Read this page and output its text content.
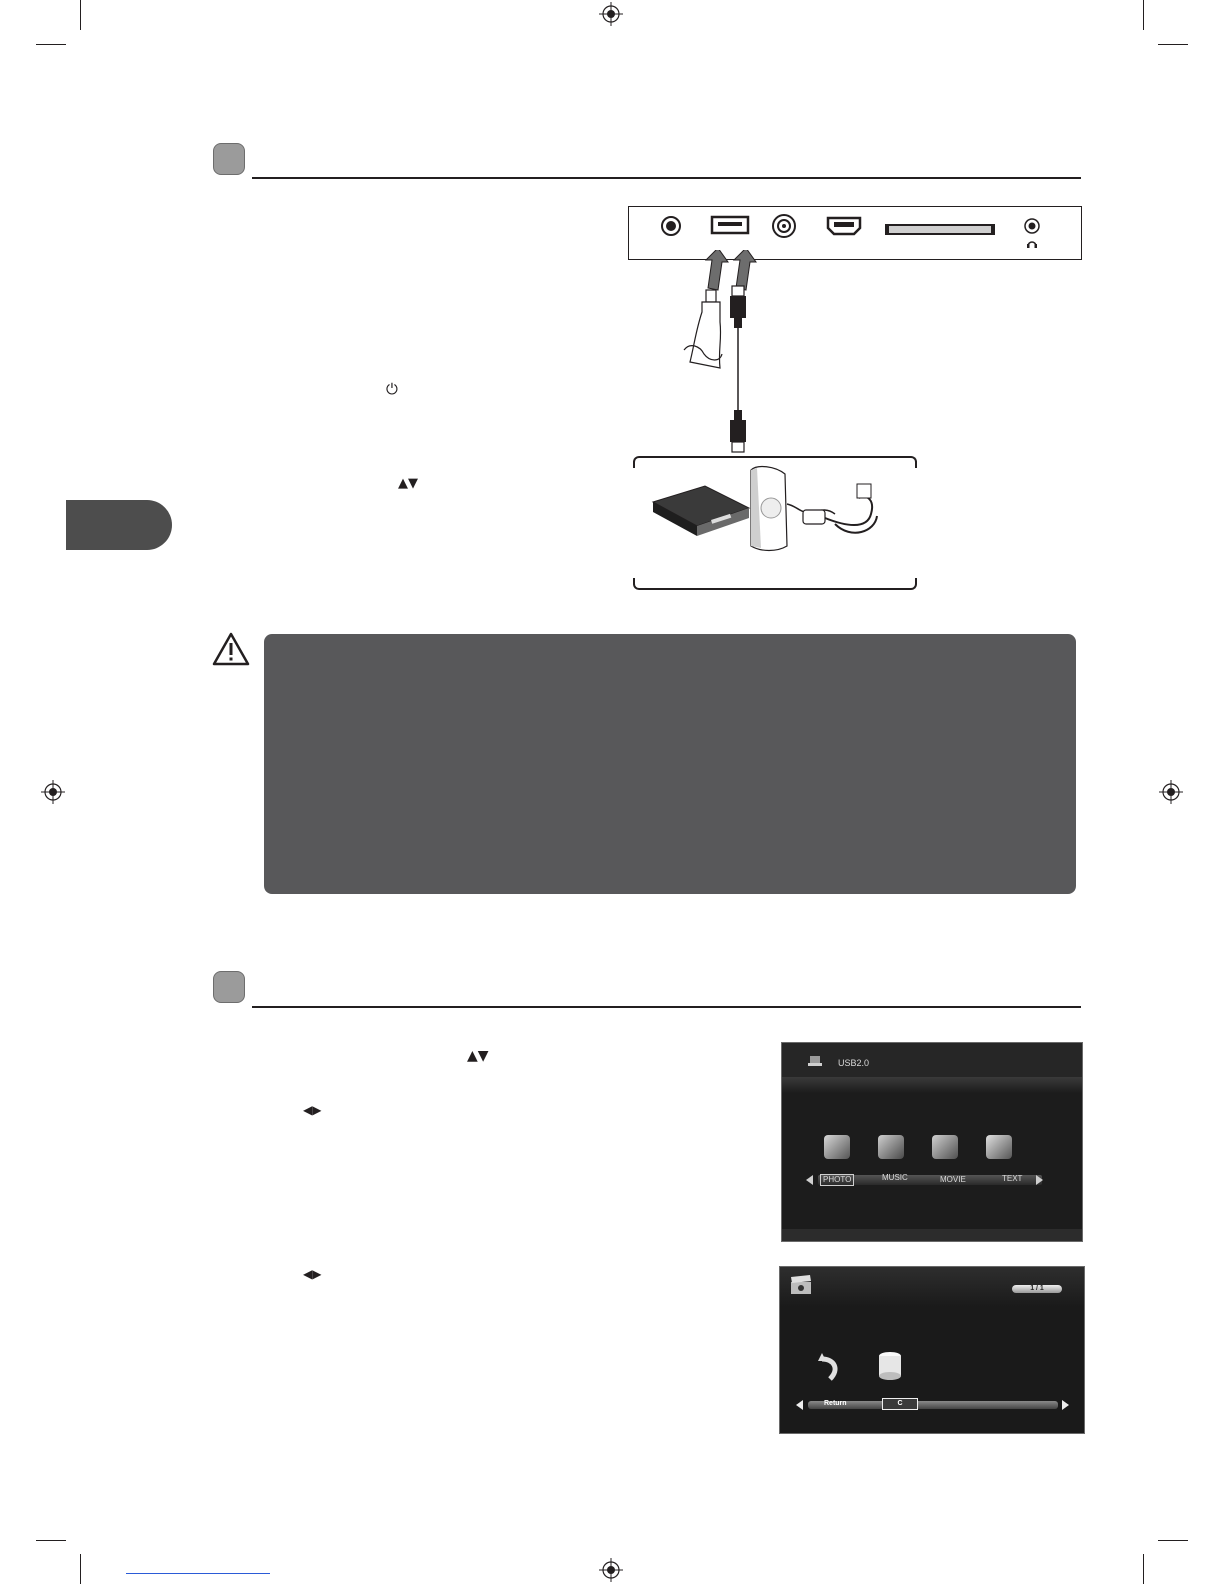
⏻
▲▼
▲▼
◀▶
◀▶
USB2.0
PHOTO	MUSIC	MOVIE	TEXT
1 / 1
Return	C
